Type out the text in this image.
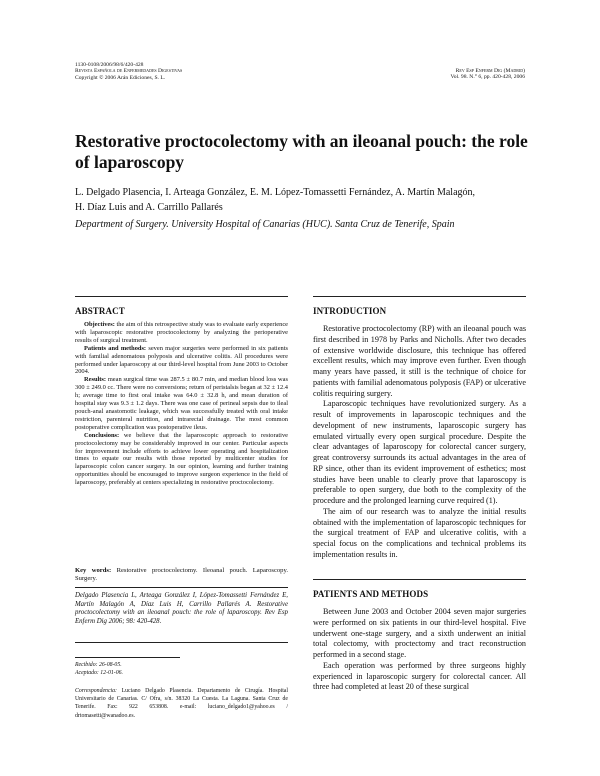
1130-0108/2006/98/6/420-428
Revista Española de Enfermedades Digestivas
Copyright © 2006 Arán Ediciones, S. L.
Rev Esp Enferm Dig (Madrid)
Vol. 98. N.° 6, pp. 420-428, 2006
Restorative proctocolectomy with an ileoanal pouch: the role of laparoscopy
L. Delgado Plasencia, I. Arteaga González, E. M. López-Tomassetti Fernández, A. Martín Malagón,
H. Díaz Luis and A. Carrillo Pallarés
Department of Surgery. University Hospital of Canarias (HUC). Santa Cruz de Tenerife, Spain
ABSTRACT

Objectives: the aim of this retrospective study was to evaluate early experience with laparoscopic restorative proctocolectomy by analyzing the perioperative results of surgical treatment.

Patients and methods: seven major surgeries were performed in six patients with familial adenomatous polyposis and ulcerative colitis. All procedures were performed under laparoscopy at our third-level hospital from June 2003 to October 2004.

Results: mean surgical time was 287.5 ± 80.7 min, and median blood loss was 300 ± 249.0 cc. There were no conversions; return of peristalsis began at 32 ± 12.4 h; average time to first oral intake was 64.0 ± 32.8 h, and mean duration of hospital stay was 9.3 ± 1.2 days. There was one case of perineal sepsis due to ileal pouch-anal anastomotic leakage, which was successfully treated with oral intake restriction, parenteral nutrition, and intrarectal drainage. The most common postoperative complication was postoperative ileus.

Conclusions: we believe that the laparoscopic approach to restorative proctocolectomy may be considerably improved in our center. Particular aspects for improvement include efforts to achieve lower operating and hospitalization times to equate our results with those reported by multicenter studies for laparoscopic colon cancer surgery. In our opinion, learning and further training opportunities should be encouraged to improve surgeon experience in the field of laparoscopy, preferably at centers specializing in restorative proctocolectomy.

Key words: Restorative proctocolectomy. Ileoanal pouch. Laparoscopy. Surgery.

Delgado Plasencia L, Arteaga González I, López-Tomassetti Fernández E, Martín Malagón A, Díaz Luis H, Carrillo Pallarés A. Restorative proctocolectomy with an ileoanal pouch: the role of laparoscopy. Rev Esp Enferm Dig 2006; 98: 420-428.

Recibido: 26-08-05.
Aceptado: 12-01-06.
Correspondencia: Luciano Delgado Plasencia. Departamento de Cirugía. Hospital Universitario de Canarias. C/ Ofra, s/n. 38320 La Cuesta. La Laguna. Santa Cruz de Tenerife. Fax: 922 653808. e-mail: luciano_delgado1@yahoo.es / drtomasetti@wanadoo.es.
INTRODUCTION

Restorative proctocolectomy (RP) with an ileoanal pouch was first described in 1978 by Parks and Nicholls. After two decades of extensive worldwide disclosure, this technique has offered excellent results, which may improve even further. Even though many years have passed, it still is the technique of choice for patients with familial adenomatous polyposis (FAP) or ulcerative colitis requiring surgery.

Laparoscopic techniques have revolutionized surgery. As a result of improvements in laparoscopic techniques and the development of new instruments, laparoscopic surgery has emulated virtually every open surgical procedure. Despite the clear advantages of laparoscopy for colorectal cancer surgery, great controversy surrounds its actual advantages in the area of RP since, other than its evident improvement of esthetics; most studies have been unable to clearly prove that laparoscopy is preferable to open surgery, due both to the complexity of the procedure and the prolonged learning curve required (1).

The aim of our research was to analyze the initial results obtained with the implementation of laparoscopic techniques for the surgical treatment of FAP and ulcerative colitis, with a special focus on the complications and technical problems its implementation results in.

PATIENTS AND METHODS

Between June 2003 and October 2004 seven major surgeries were performed on six patients in our third-level hospital. Five underwent one-stage surgery, and a sixth underwent an initial total colectomy, with proctectomy and tract reconstruction performed in a second stage.

Each operation was performed by three surgeons highly experienced in laparoscopic surgery for colorectal cancer. All three had completed at least 20 of these surgical
